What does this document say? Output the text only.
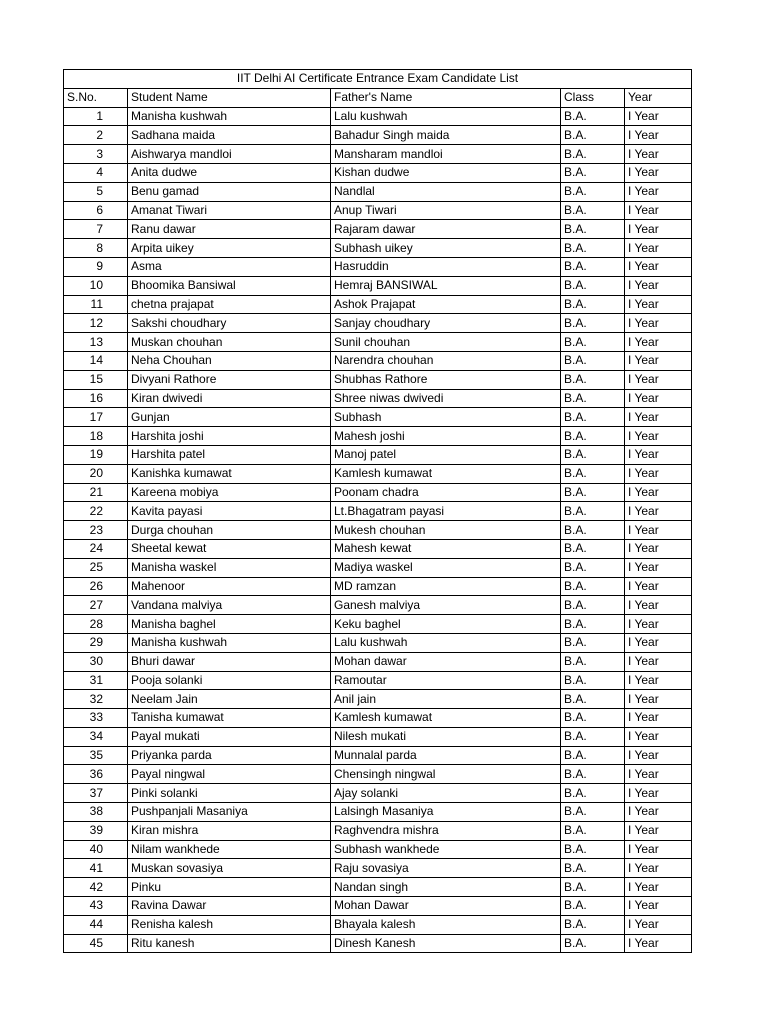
IIT Delhi AI Certificate Entrance Exam Candidate List				
S.No.	Student Name	Father's Name	Class	Year
1	Manisha kushwah	Lalu kushwah	B.A.	I Year
2	Sadhana maida	Bahadur Singh maida	B.A.	I Year
3	Aishwarya mandloi	Mansharam mandloi	B.A.	I Year
4	Anita dudwe	Kishan dudwe	B.A.	I Year
5	Benu gamad	Nandlal	B.A.	I Year
6	Amanat Tiwari	Anup Tiwari	B.A.	I Year
7	Ranu dawar	Rajaram dawar	B.A.	I Year
8	Arpita uikey	Subhash uikey	B.A.	I Year
9	Asma	Hasruddin	B.A.	I Year
10	Bhoomika Bansiwal	Hemraj BANSIWAL	B.A.	I Year
11	chetna prajapat	Ashok Prajapat	B.A.	I Year
12	Sakshi choudhary	Sanjay choudhary	B.A.	I Year
13	Muskan chouhan	Sunil chouhan	B.A.	I Year
14	Neha Chouhan	Narendra chouhan	B.A.	I Year
15	Divyani Rathore	Shubhas Rathore	B.A.	I Year
16	Kiran dwivedi	Shree niwas dwivedi	B.A.	I Year
17	Gunjan	Subhash	B.A.	I Year
18	Harshita joshi	Mahesh joshi	B.A.	I Year
19	Harshita patel	Manoj patel	B.A.	I Year
20	Kanishka kumawat	Kamlesh kumawat	B.A.	I Year
21	Kareena mobiya	Poonam chadra	B.A.	I Year
22	Kavita payasi	Lt.Bhagatram payasi	B.A.	I Year
23	Durga chouhan	Mukesh chouhan	B.A.	I Year
24	Sheetal kewat	Mahesh kewat	B.A.	I Year
25	Manisha waskel	Madiya waskel	B.A.	I Year
26	Mahenoor	MD ramzan	B.A.	I Year
27	Vandana malviya	Ganesh malviya	B.A.	I Year
28	Manisha baghel	Keku baghel	B.A.	I Year
29	Manisha kushwah	Lalu kushwah	B.A.	I Year
30	Bhuri dawar	Mohan dawar	B.A.	I Year
31	Pooja solanki	Ramoutar	B.A.	I Year
32	Neelam Jain	Anil jain	B.A.	I Year
33	Tanisha kumawat	Kamlesh kumawat	B.A.	I Year
34	Payal mukati	Nilesh mukati	B.A.	I Year
35	Priyanka parda	Munnalal parda	B.A.	I Year
36	Payal ningwal	Chensingh ningwal	B.A.	I Year
37	Pinki solanki	Ajay solanki	B.A.	I Year
38	Pushpanjali Masaniya	Lalsingh Masaniya	B.A.	I Year
39	Kiran mishra	Raghvendra mishra	B.A.	I Year
40	Nilam wankhede	Subhash wankhede	B.A.	I Year
41	Muskan sovasiya	Raju sovasiya	B.A.	I Year
42	Pinku	Nandan singh	B.A.	I Year
43	Ravina Dawar	Mohan Dawar	B.A.	I Year
44	Renisha kalesh	Bhayala kalesh	B.A.	I Year
45	Ritu kanesh	Dinesh Kanesh	B.A.	I Year
